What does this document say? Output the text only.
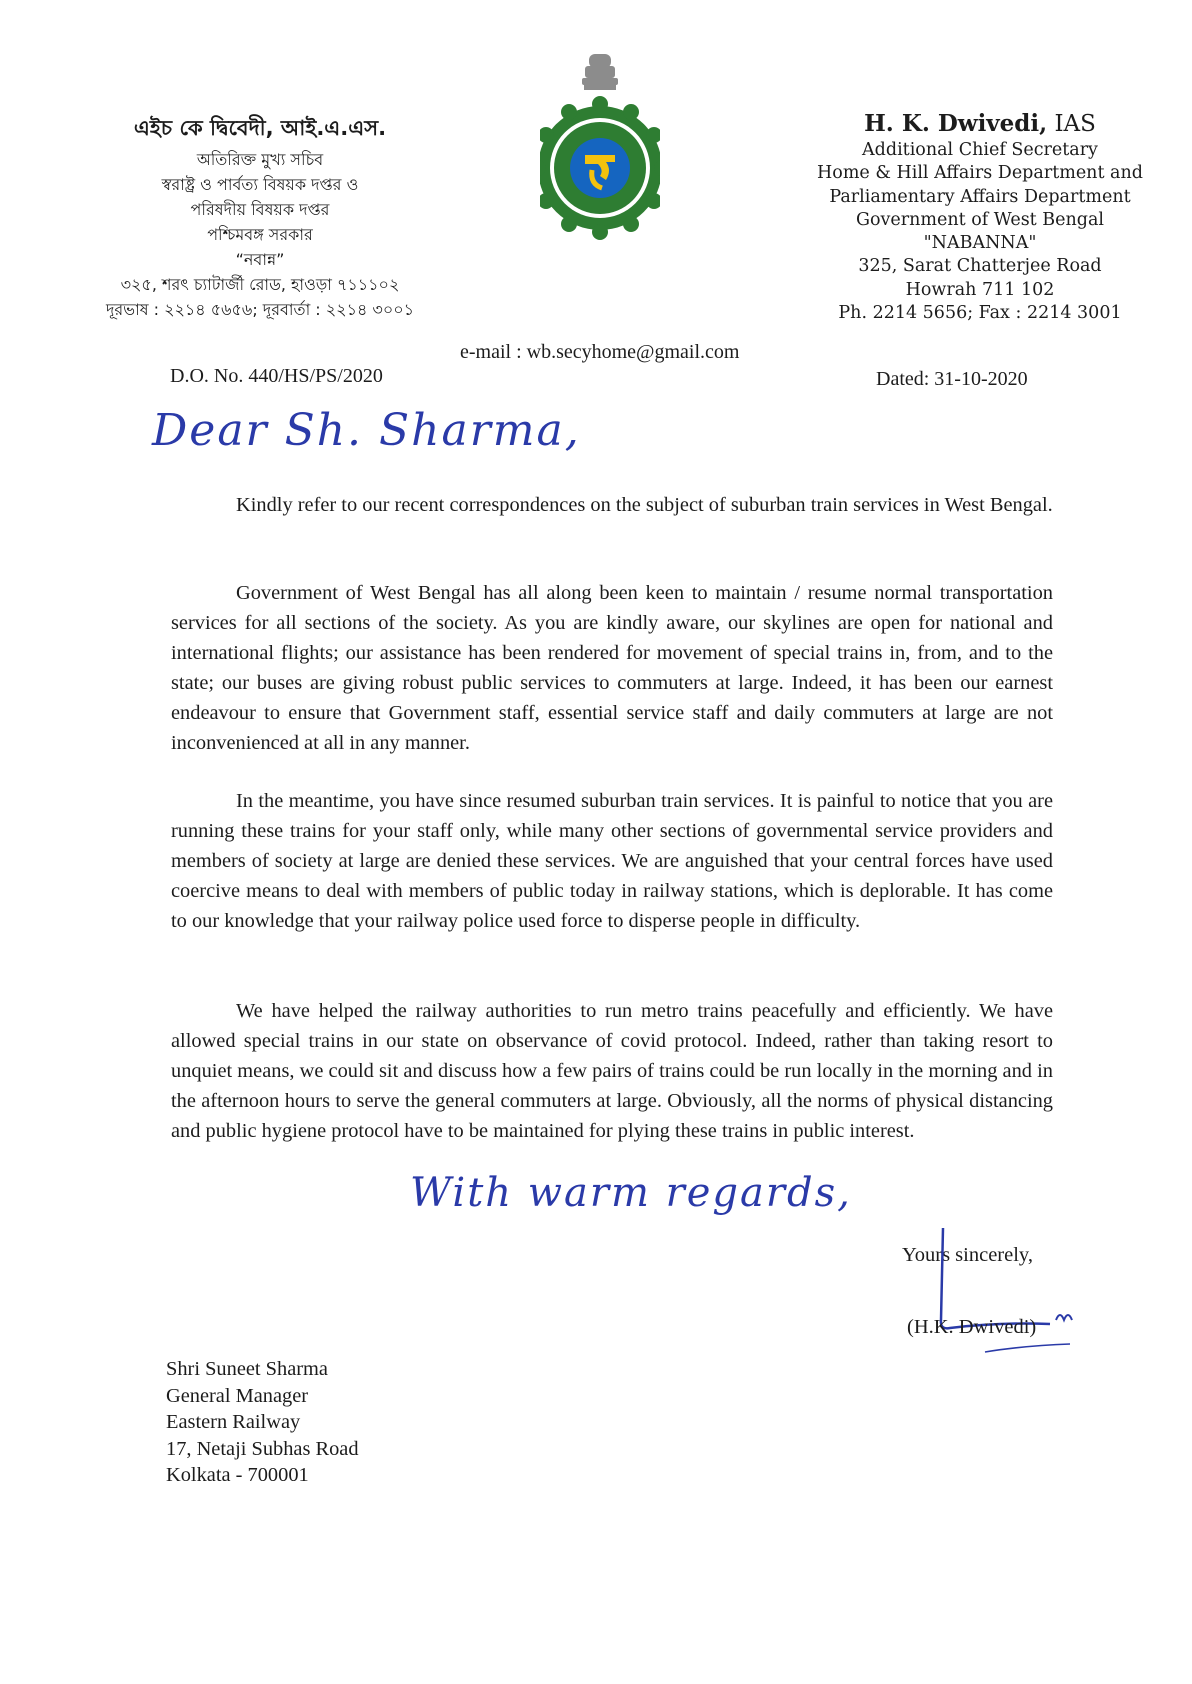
এইচ কে দ্বিবেদী, আই.এ.এস.
অতিরিক্ত মুখ্য সচিব
স্বরাষ্ট্র ও পার্বত্য বিষয়ক দপ্তর ও
পরিষদীয় বিষয়ক দপ্তর
পশ্চিমবঙ্গ সরকার
“নবান্ন”
৩২৫, শরৎ চ্যাটার্জী রোড, হাওড়া ৭১১১০২
দূরভাষ : ২২১৪ ৫৬৫৬; দূরবার্তা : ২২১৪ ৩০০১
H. K. Dwivedi, IAS
Additional Chief Secretary
Home & Hill Affairs Department and
Parliamentary Affairs Department
Government of West Bengal
"NABANNA"
325, Sarat Chatterjee Road
Howrah 711 102
Ph. 2214 5656; Fax : 2214 3001
e-mail : wb.secyhome@gmail.com
D.O. No. 440/HS/PS/2020	Dated: 31-10-2020
Dear Sh. Sharma,

Kindly refer to our recent correspondences on the subject of suburban train services in West Bengal.

Government of West Bengal has all along been keen to maintain / resume normal transportation services for all sections of the society. As you are kindly aware, our skylines are open for national and international flights; our assistance has been rendered for movement of special trains in, from, and to the state; our buses are giving robust public services to commuters at large. Indeed, it has been our earnest endeavour to ensure that Government staff, essential service staff and daily commuters at large are not inconvenienced at all in any manner.

In the meantime, you have since resumed suburban train services. It is painful to notice that you are running these trains for your staff only, while many other sections of governmental service providers and members of society at large are denied these services. We are anguished that your central forces have used coercive means to deal with members of public today in railway stations, which is deplorable. It has come to our knowledge that your railway police used force to disperse people in difficulty.

We have helped the railway authorities to run metro trains peacefully and efficiently. We have allowed special trains in our state on observance of covid protocol. Indeed, rather than taking resort to unquiet means, we could sit and discuss how a few pairs of trains could be run locally in the morning and in the afternoon hours to serve the general commuters at large. Obviously, all the norms of physical distancing and public hygiene protocol have to be maintained for plying these trains in public interest.

With warm regards,
Yours sincerely,
(H.K. Dwivedi)
Shri Suneet Sharma
General Manager
Eastern Railway
17, Netaji Subhas Road
Kolkata - 700001
